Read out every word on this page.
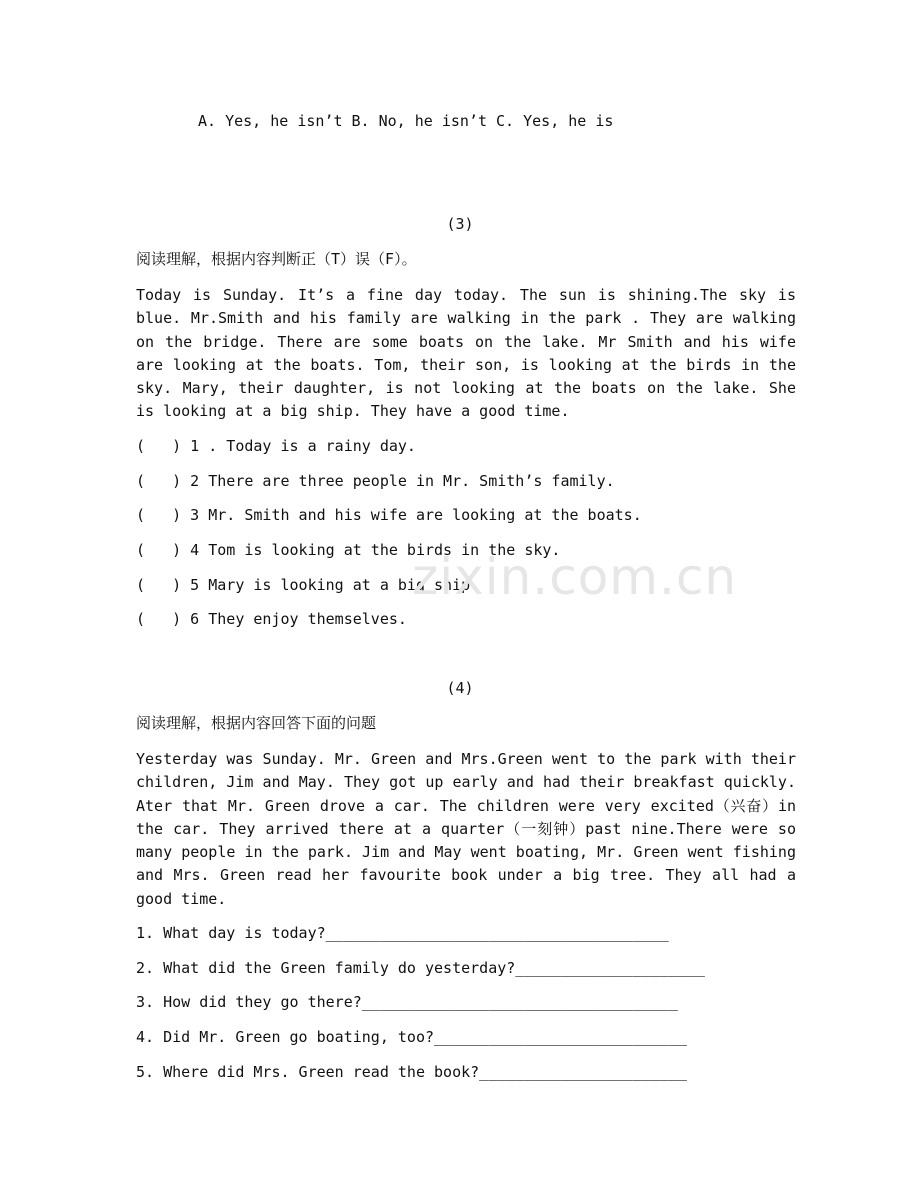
A. Yes, he isn’t B. No, he isn’t C. Yes, he is
(3)
阅读理解，根据内容判断正（T）误（F）。
Today is Sunday. It’s a fine day today. The sun is shining.The sky is blue. Mr.Smith and his family are walking in the park . They are walking on the bridge. There are some boats on the lake. Mr Smith and his wife are looking at the boats. Tom, their son, is looking at the birds in the sky. Mary, their daughter, is not looking at the boats on the lake. She is looking at a big ship. They have a good time.
(   ) 1 . Today is a rainy day.
(   ) 2 There are three people in Mr. Smith’s family.
(   ) 3 Mr. Smith and his wife are looking at the boats.
(   ) 4 Tom is looking at the birds in the sky.
(   ) 5 Mary is looking at a big ship.
(   ) 6 They enjoy themselves.
(4)
阅读理解，根据内容回答下面的问题
Yesterday was Sunday. Mr. Green and Mrs.Green went to the park with their children, Jim and May. They got up early and had their breakfast quickly. Ater that Mr. Green drove a car. The children were very excited（兴奋）in the car. They arrived there at a quarter（一刻钟）past nine.There were so many people in the park. Jim and May went boating, Mr. Green went fishing and Mrs. Green read her favourite book under a big tree. They all had a good time.
1. What day is today?______________________________________
2. What did the Green family do yesterday?_____________________
3. How did they go there?___________________________________
4. Did Mr. Green go boating, too?____________________________
5. Where did Mrs. Green read the book?_______________________
zixin.com.cn
